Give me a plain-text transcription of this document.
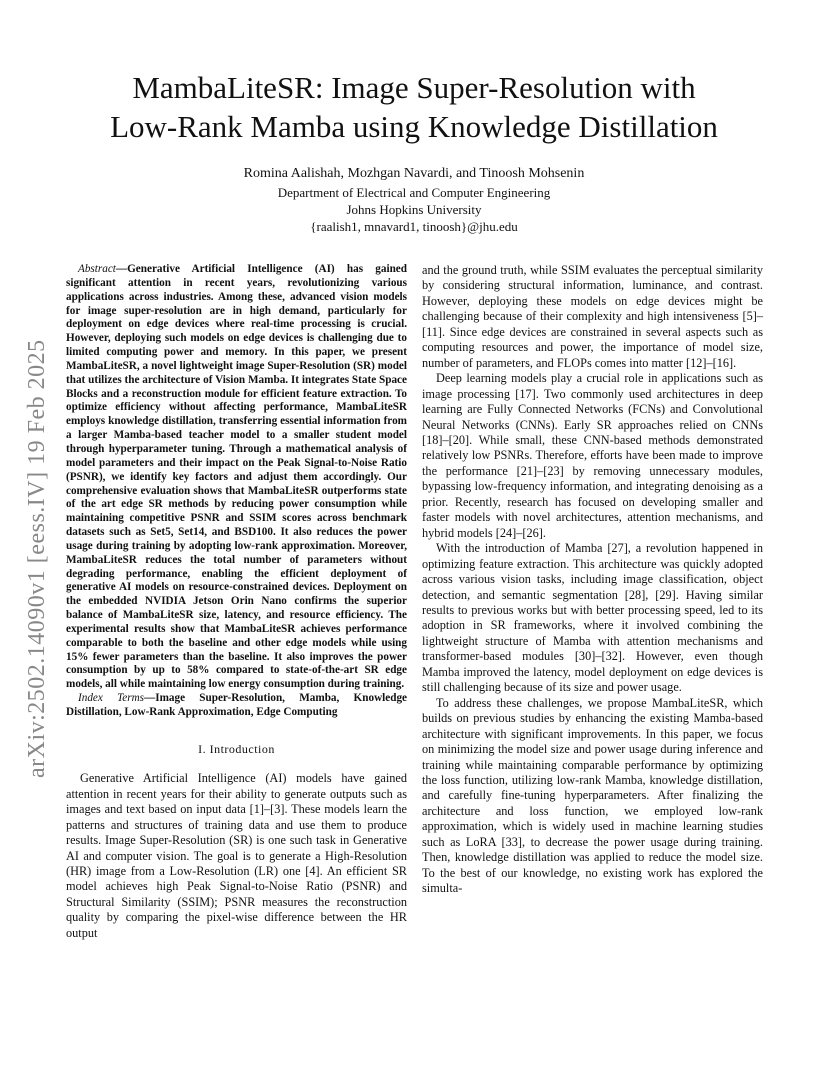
arXiv:2502.14090v1 [eess.IV] 19 Feb 2025
MambaLiteSR: Image Super-Resolution with
Low-Rank Mamba using Knowledge Distillation
Romina Aalishah, Mozhgan Navardi, and Tinoosh Mohsenin
Department of Electrical and Computer Engineering
Johns Hopkins University
{raalish1, mnavard1, tinoosh}@jhu.edu

Abstract—Generative Artificial Intelligence (AI) has gained significant attention in recent years, revolutionizing various applications across industries. Among these, advanced vision models for image super-resolution are in high demand, particularly for deployment on edge devices where real-time processing is crucial. However, deploying such models on edge devices is challenging due to limited computing power and memory. In this paper, we present MambaLiteSR, a novel lightweight image Super-Resolution (SR) model that utilizes the architecture of Vision Mamba. It integrates State Space Blocks and a reconstruction module for efficient feature extraction. To optimize efficiency without affecting performance, MambaLiteSR employs knowledge distillation, transferring essential information from a larger Mamba-based teacher model to a smaller student model through hyperparameter tuning. Through a mathematical analysis of model parameters and their impact on the Peak Signal-to-Noise Ratio (PSNR), we identify key factors and adjust them accordingly. Our comprehensive evaluation shows that MambaLiteSR outperforms state of the art edge SR methods by reducing power consumption while maintaining competitive PSNR and SSIM scores across benchmark datasets such as Set5, Set14, and BSD100. It also reduces the power usage during training by adopting low-rank approximation. Moreover, MambaLiteSR reduces the total number of parameters without degrading performance, enabling the efficient deployment of generative AI models on resource-constrained devices. Deployment on the embedded NVIDIA Jetson Orin Nano confirms the superior balance of MambaLiteSR size, latency, and resource efficiency. The experimental results show that MambaLiteSR achieves performance comparable to both the baseline and other edge models while using 15% fewer parameters than the baseline. It also improves the power consumption by up to 58% compared to state-of-the-art SR edge models, all while maintaining low energy consumption during training.

Index Terms—Image Super-Resolution, Mamba, Knowledge Distillation, Low-Rank Approximation, Edge Computing

I. Introduction

Generative Artificial Intelligence (AI) models have gained attention in recent years for their ability to generate outputs such as images and text based on input data [1]–[3]. These models learn the patterns and structures of training data and use them to produce results. Image Super-Resolution (SR) is one such task in Generative AI and computer vision. The goal is to generate a High-Resolution (HR) image from a Low-Resolution (LR) one [4]. An efficient SR model achieves high Peak Signal-to-Noise Ratio (PSNR) and Structural Similarity (SSIM); PSNR measures the reconstruction quality by comparing the pixel-wise difference between the HR output

and the ground truth, while SSIM evaluates the perceptual similarity by considering structural information, luminance, and contrast. However, deploying these models on edge devices might be challenging because of their complexity and high intensiveness [5]–[11]. Since edge devices are constrained in several aspects such as computing resources and power, the importance of model size, number of parameters, and FLOPs comes into matter [12]–[16].

Deep learning models play a crucial role in applications such as image processing [17]. Two commonly used architectures in deep learning are Fully Connected Networks (FCNs) and Convolutional Neural Networks (CNNs). Early SR approaches relied on CNNs [18]–[20]. While small, these CNN-based methods demonstrated relatively low PSNRs. Therefore, efforts have been made to improve the performance [21]–[23] by removing unnecessary modules, bypassing low-frequency information, and integrating denoising as a prior. Recently, research has focused on developing smaller and faster models with novel architectures, attention mechanisms, and hybrid models [24]–[26].

With the introduction of Mamba [27], a revolution happened in optimizing feature extraction. This architecture was quickly adopted across various vision tasks, including image classification, object detection, and semantic segmentation [28], [29]. Having similar results to previous works but with better processing speed, led to its adoption in SR frameworks, where it involved combining the lightweight structure of Mamba with attention mechanisms and transformer-based modules [30]–[32]. However, even though Mamba improved the latency, model deployment on edge devices is still challenging because of its size and power usage.

To address these challenges, we propose MambaLiteSR, which builds on previous studies by enhancing the existing Mamba-based architecture with significant improvements. In this paper, we focus on minimizing the model size and power usage during inference and training while maintaining comparable performance by optimizing the loss function, utilizing low-rank Mamba, knowledge distillation, and carefully fine-tuning hyperparameters. After finalizing the architecture and loss function, we employed low-rank approximation, which is widely used in machine learning studies such as LoRA [33], to decrease the power usage during training. Then, knowledge distillation was applied to reduce the model size. To the best of our knowledge, no existing work has explored the simulta-
